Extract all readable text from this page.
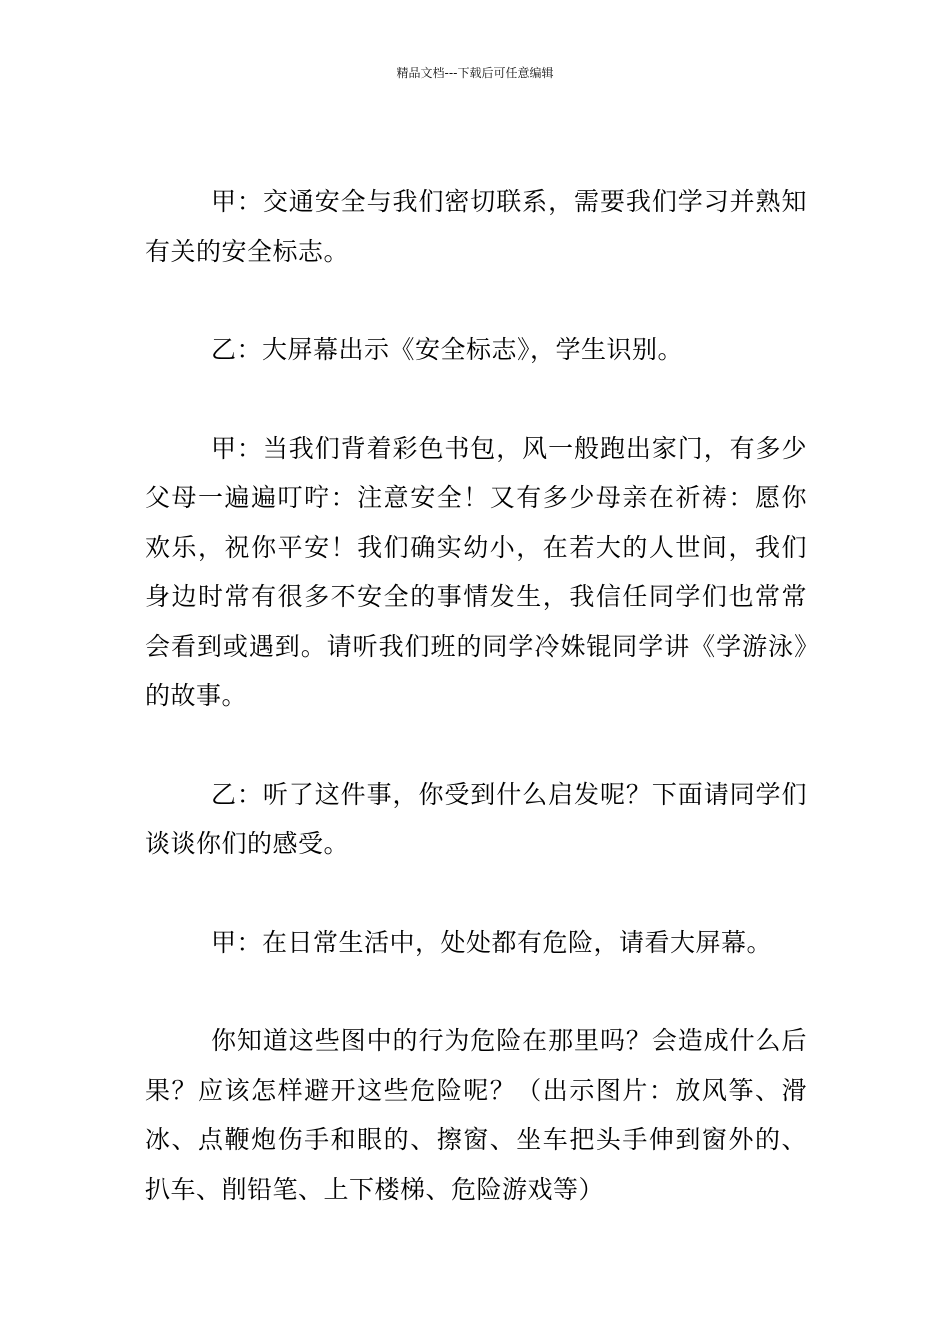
精品文档---下载后可任意编辑

甲：交通安全与我们密切联系，需要我们学习并熟知有关的安全标志。

乙：大屏幕出示《安全标志》，学生识别。

甲：当我们背着彩色书包，风一般跑出家门，有多少父母一遍遍叮咛：注意安全！又有多少母亲在祈祷：愿你欢乐，祝你平安！我们确实幼小，在若大的人世间，我们身边时常有很多不安全的事情发生，我信任同学们也常常会看到或遇到。请听我们班的同学冷姝锟同学讲《学游泳》的故事。

乙：听了这件事，你受到什么启发呢？下面请同学们谈谈你们的感受。

甲：在日常生活中，处处都有危险，请看大屏幕。

你知道这些图中的行为危险在那里吗？会造成什么后果？应该怎样避开这些危险呢？（出示图片：放风筝、滑冰、点鞭炮伤手和眼的、擦窗、坐车把头手伸到窗外的、扒车、削铅笔、上下楼梯、危险游戏等）
